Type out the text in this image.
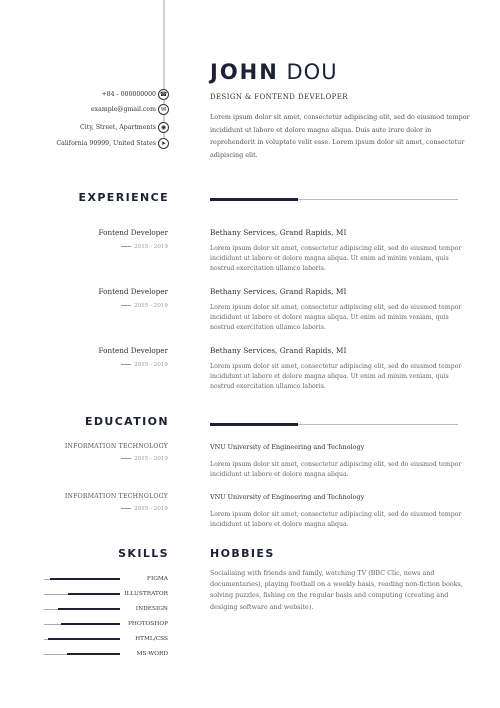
JOHN DOU
DESIGN & FONTEND DEVELOPER
Lorem ipsum dolor sit amet, consectetur adipiscing elit, sed do eiusmod tempor incididunt ut labore et dolore magna aliqua. Duis aute irure dolor in reprehenderit in voluptate velit esse. Lorem ipsum dolor sit amet, consectetur adipiscing elit.
+84 - 000000000 ☎
example@gmail.com ✉
City, Street, Apartments ◉
California 90999, United States ➤
EXPERIENCE
Fontend Developer
2015 - 2019
Bethany Services, Grand Rapids, MI
Lorem ipsum dolor sit amet, consectetur adipiscing elit, sed do eiusmod tempor incididunt ut labore et dolore magna aliqua. Ut enim ad minim veniam, quis nostrud exercitation ullamco laboris.
Fontend Developer
2015 - 2019
Bethany Services, Grand Rapids, MI
Lorem ipsum dolor sit amet, consectetur adipiscing elit, sed do eiusmod tempor incididunt ut labore et dolore magna aliqua. Ut enim ad minim veniam, quis nostrud exercitation ullamco laboris.
Fontend Developer
2015 - 2019
Bethany Services, Grand Rapids, MI
Lorem ipsum dolor sit amet, consectetur adipiscing elit, sed do eiusmod tempor incididunt ut labore et dolore magna aliqua. Ut enim ad minim veniam, quis nostrud exercitation ullamco laboris.
EDUCATION
INFORMATION TECHNOLOGY
2015 - 2019
VNU University of Engineering and Technology
Lorem ipsum dolor sit amet, consectetur adipiscing elit, sed do eiusmod tempor incididunt ut labore et dolore magna aliqua.
INFORMATION TECHNOLOGY
2015 - 2019
VNU University of Engineering and Technology
Lorem ipsum dolor sit amet, consectetur adipiscing elit, sed do eiusmod tempor incididunt ut labore et dolore magna aliqua.
SKILLS
FIGMA
ILLUSTRATOR
INDESIGN
PHOTOSHOP
HTML/CSS
MS-WORD
HOBBIES
Socialising with friends and family, watching TV (BBC Clic, news and documentaries), playing football on a weekly basis, reading non-fiction books, solving puzzles, fishing on the regular basis and computing (creating and desiging software and website).
